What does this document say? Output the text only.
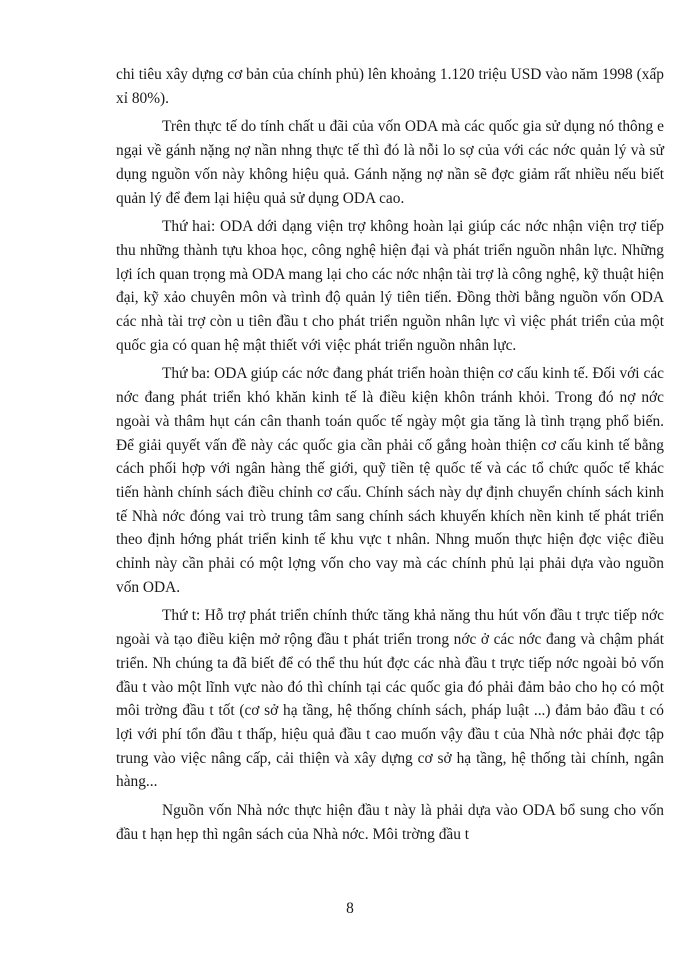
chi tiêu xây dựng cơ bản của chính phủ) lên khoảng 1.120 triệu USD vào năm 1998 (xấp xỉ 80%).

Trên thực tế do tính chất u đãi của vốn ODA mà các quốc gia sử dụng nó thông e ngại về gánh nặng nợ nần nhng thực tế thì đó là nỗi lo sợ của với các nớc quản lý và sử dụng nguồn vốn này không hiệu quả. Gánh nặng nợ nần sẽ đợc giảm rất nhiều nếu biết quản lý để đem lại hiệu quả sử dụng ODA cao.

Thứ hai: ODA dới dạng viện trợ không hoàn lại giúp các nớc nhận viện trợ tiếp thu những thành tựu khoa học, công nghệ hiện đại và phát triển nguồn nhân lực. Những lợi ích quan trọng mà ODA mang lại cho các nớc nhận tài trợ là công nghệ, kỹ thuật hiện đại, kỹ xảo chuyên môn và trình độ quản lý tiên tiến. Đồng thời bằng nguồn vốn ODA các nhà tài trợ còn u tiên đầu t cho phát triển nguồn nhân lực vì việc phát triển của một quốc gia có quan hệ mật thiết với việc phát triển nguồn nhân lực.

Thứ ba: ODA giúp các nớc đang phát triển hoàn thiện cơ cấu kinh tế. Đối với các nớc đang phát triển khó khăn kinh tế là điều kiện khôn tránh khỏi. Trong đó nợ nớc ngoài và thâm hụt cán cân thanh toán quốc tế ngày một gia tăng là tình trạng phổ biến. Để giải quyết vấn đề này các quốc gia cần phải cố gắng hoàn thiện cơ cấu kinh tế bằng cách phối hợp với ngân hàng thế giới, quỹ tiền tệ quốc tế và các tổ chức quốc tế khác tiến hành chính sách điều chỉnh cơ cấu. Chính sách này dự định chuyển chính sách kinh tế Nhà nớc đóng vai trò trung tâm sang chính sách khuyến khích nền kinh tế phát triển theo định hớng phát triển kinh tế khu vực t nhân. Nhng muốn thực hiện đợc việc điều chỉnh này cần phải có một lợng vốn cho vay mà các chính phủ lại phải dựa vào nguồn vốn ODA.

Thứ t: Hỗ trợ phát triển chính thức tăng khả năng thu hút vốn đầu t trực tiếp nớc ngoài và tạo điều kiện mở rộng đầu t phát triển trong nớc ở các nớc đang và chậm phát triển. Nh chúng ta đã biết để có thể thu hút đợc các nhà đầu t trực tiếp nớc ngoài bỏ vốn đầu t vào một lĩnh vực nào đó thì chính tại các quốc gia đó phải đảm bảo cho họ có một môi trờng đầu t tốt (cơ sở hạ tầng, hệ thống chính sách, pháp luật ...) đảm bảo đầu t có lợi với phí tổn đầu t thấp, hiệu quả đầu t cao muốn vậy đầu t của Nhà nớc phải đợc tập trung vào việc nâng cấp, cải thiện và xây dựng cơ sở hạ tầng, hệ thống tài chính, ngân hàng...

Nguồn vốn Nhà nớc thực hiện đầu t này là phải dựa vào ODA bổ sung cho vốn đầu t hạn hẹp thì ngân sách của Nhà nớc. Môi trờng đầu t

8
